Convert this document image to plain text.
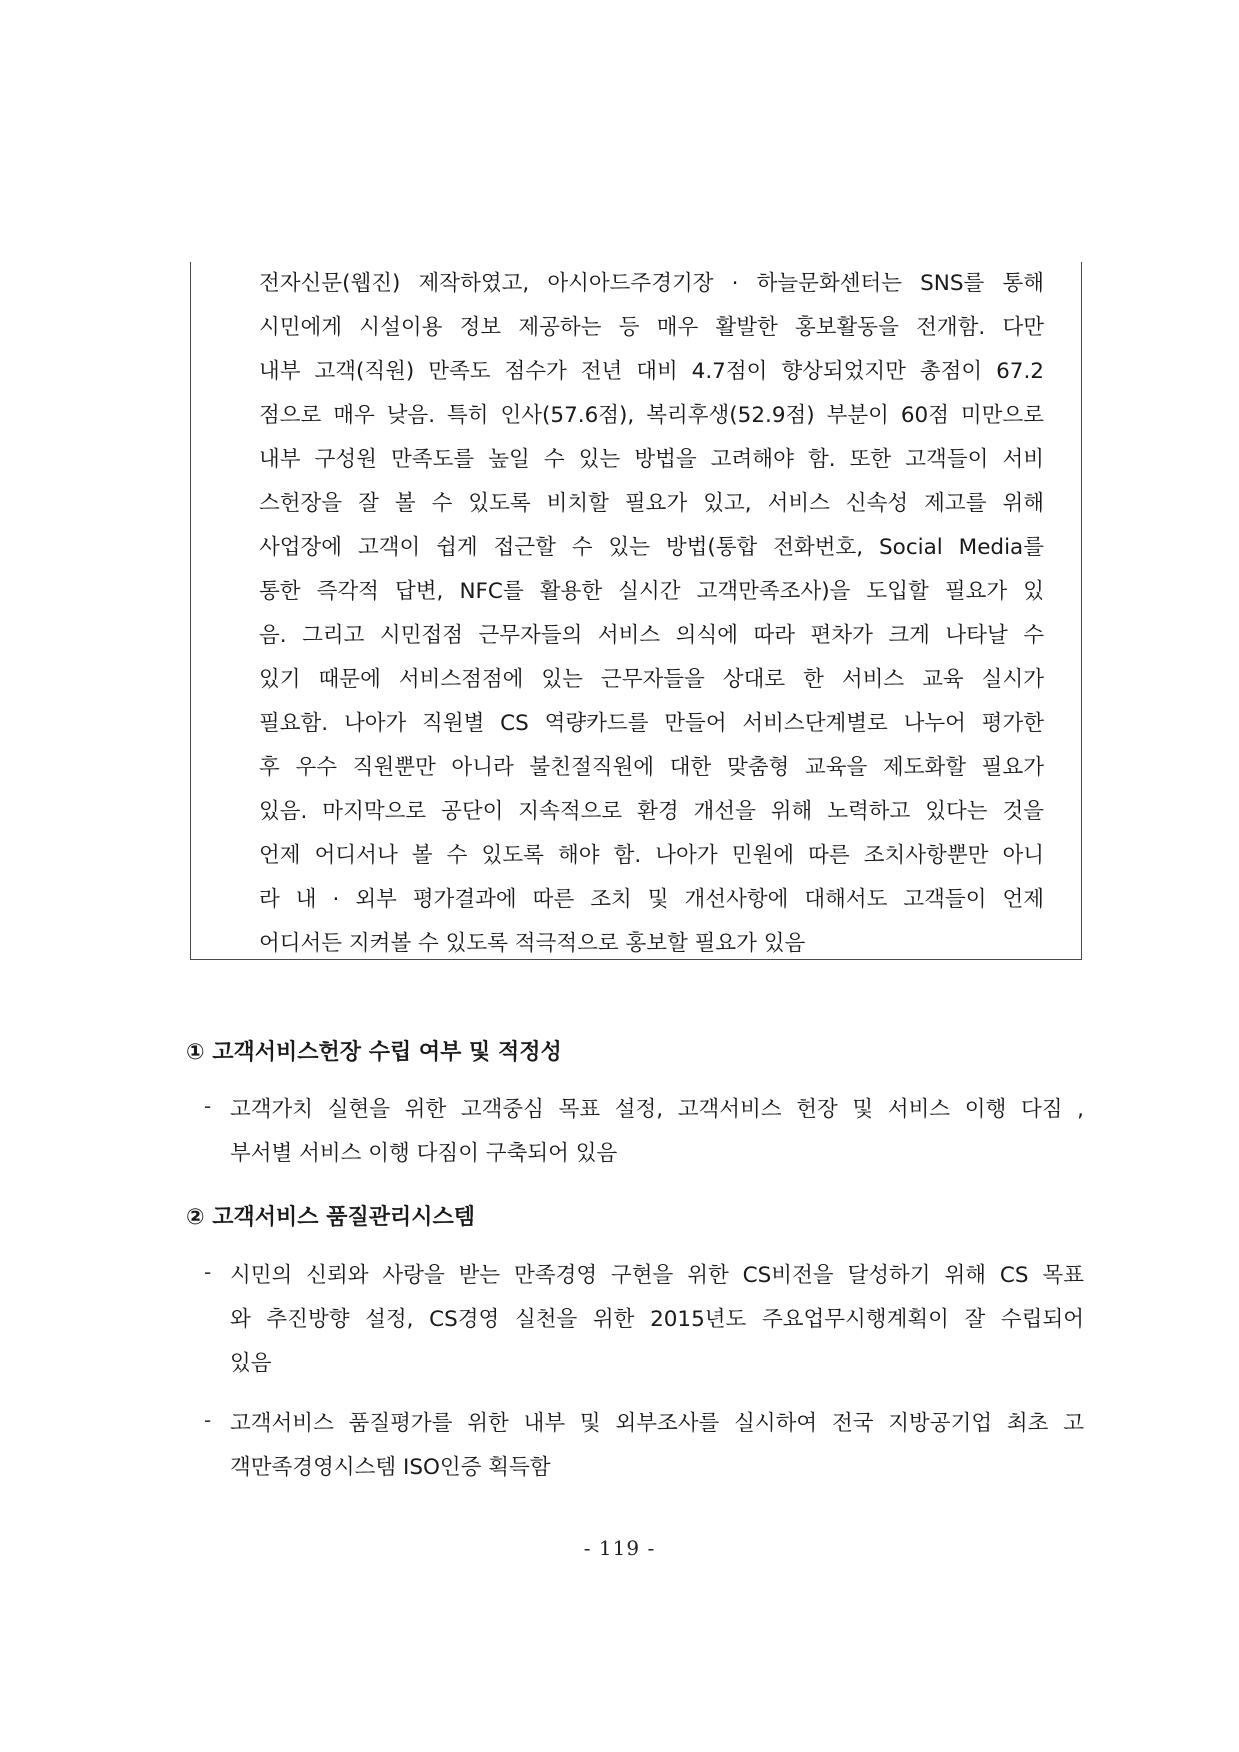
전자신문(웹진) 제작하였고, 아시아드주경기장 · 하늘문화센터는 SNS를 통해
시민에게 시설이용 정보 제공하는 등 매우 활발한 홍보활동을 전개함. 다만
내부 고객(직원) 만족도 점수가 전년 대비 4.7점이 향상되었지만 총점이 67.2
점으로 매우 낮음. 특히 인사(57.6점), 복리후생(52.9점) 부분이 60점 미만으로
내부 구성원 만족도를 높일 수 있는 방법을 고려해야 함. 또한 고객들이 서비
스헌장을 잘 볼 수 있도록 비치할 필요가 있고, 서비스 신속성 제고를 위해
사업장에 고객이 쉽게 접근할 수 있는 방법(통합 전화번호, Social Media를
통한 즉각적 답변, NFC를 활용한 실시간 고객만족조사)을 도입할 필요가 있
음. 그리고 시민접점 근무자들의 서비스 의식에 따라 편차가 크게 나타날 수
있기 때문에 서비스점점에 있는 근무자들을 상대로 한 서비스 교육 실시가
필요함. 나아가 직원별 CS 역량카드를 만들어 서비스단계별로 나누어 평가한
후 우수 직원뿐만 아니라 불친절직원에 대한 맞춤형 교육을 제도화할 필요가
있음. 마지막으로 공단이 지속적으로 환경 개선을 위해 노력하고 있다는 것을
언제 어디서나 볼 수 있도록 해야 함. 나아가 민원에 따른 조치사항뿐만 아니
라 내 · 외부 평가결과에 따른 조치 및 개선사항에 대해서도 고객들이 언제
어디서든 지켜볼 수 있도록 적극적으로 홍보할 필요가 있음
① 고객서비스헌장 수립 여부 및 적정성
- 고객가치 실현을 위한 고객중심 목표 설정, 고객서비스 헌장 및 서비스 이행 다짐 ,
부서별 서비스 이행 다짐이 구축되어 있음
② 고객서비스 품질관리시스템
- 시민의 신뢰와 사랑을 받는 만족경영 구현을 위한 CS비전을 달성하기 위해 CS 목표
와 추진방향 설정, CS경영 실천을 위한 2015년도 주요업무시행계획이 잘 수립되어
있음
- 고객서비스 품질평가를 위한 내부 및 외부조사를 실시하여 전국 지방공기업 최초 고
객만족경영시스템 ISO인증 획득함
- 119 -
